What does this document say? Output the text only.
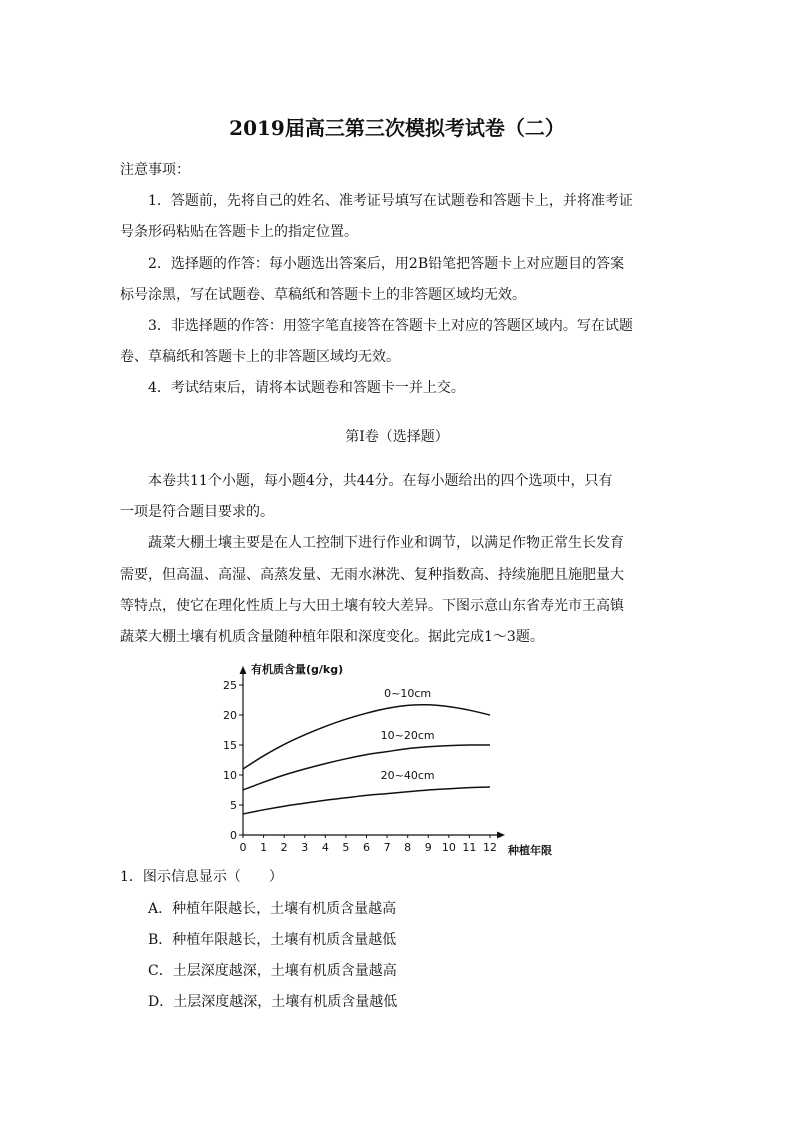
2019届高三第三次模拟考试卷（二）
注意事项：
1．答题前，先将自己的姓名、准考证号填写在试题卷和答题卡上，并将准考证
号条形码粘贴在答题卡上的指定位置。
2．选择题的作答：每小题选出答案后，用2B铅笔把答题卡上对应题目的答案
标号涂黑，写在试题卷、草稿纸和答题卡上的非答题区域均无效。
3．非选择题的作答：用签字笔直接答在答题卡上对应的答题区域内。写在试题
卷、草稿纸和答题卡上的非答题区域均无效。
4．考试结束后，请将本试题卷和答题卡一并上交。
第Ⅰ卷（选择题）
本卷共11个小题，每小题4分，共44分。在每小题给出的四个选项中，只有
一项是符合题目要求的。
蔬菜大棚土壤主要是在人工控制下进行作业和调节，以满足作物正常生长发育
需要，但高温、高湿、高蒸发量、无雨水淋洗、复种指数高、持续施肥且施肥量大
等特点，使它在理化性质上与大田土壤有较大差异。下图示意山东省寿光市王高镇
蔬菜大棚土壤有机质含量随种植年限和深度变化。据此完成1～3题。
有机质含量(g/kg)
种植年限
0
5
10
15
20
25
0 1 2 3 4 5 6 7 8 9 10 11 12
0~10cm
10~20cm
20~40cm
1．图示信息显示（　　）
A．种植年限越长，土壤有机质含量越高
B．种植年限越长，土壤有机质含量越低
C．土层深度越深，土壤有机质含量越高
D．土层深度越深，土壤有机质含量越低
